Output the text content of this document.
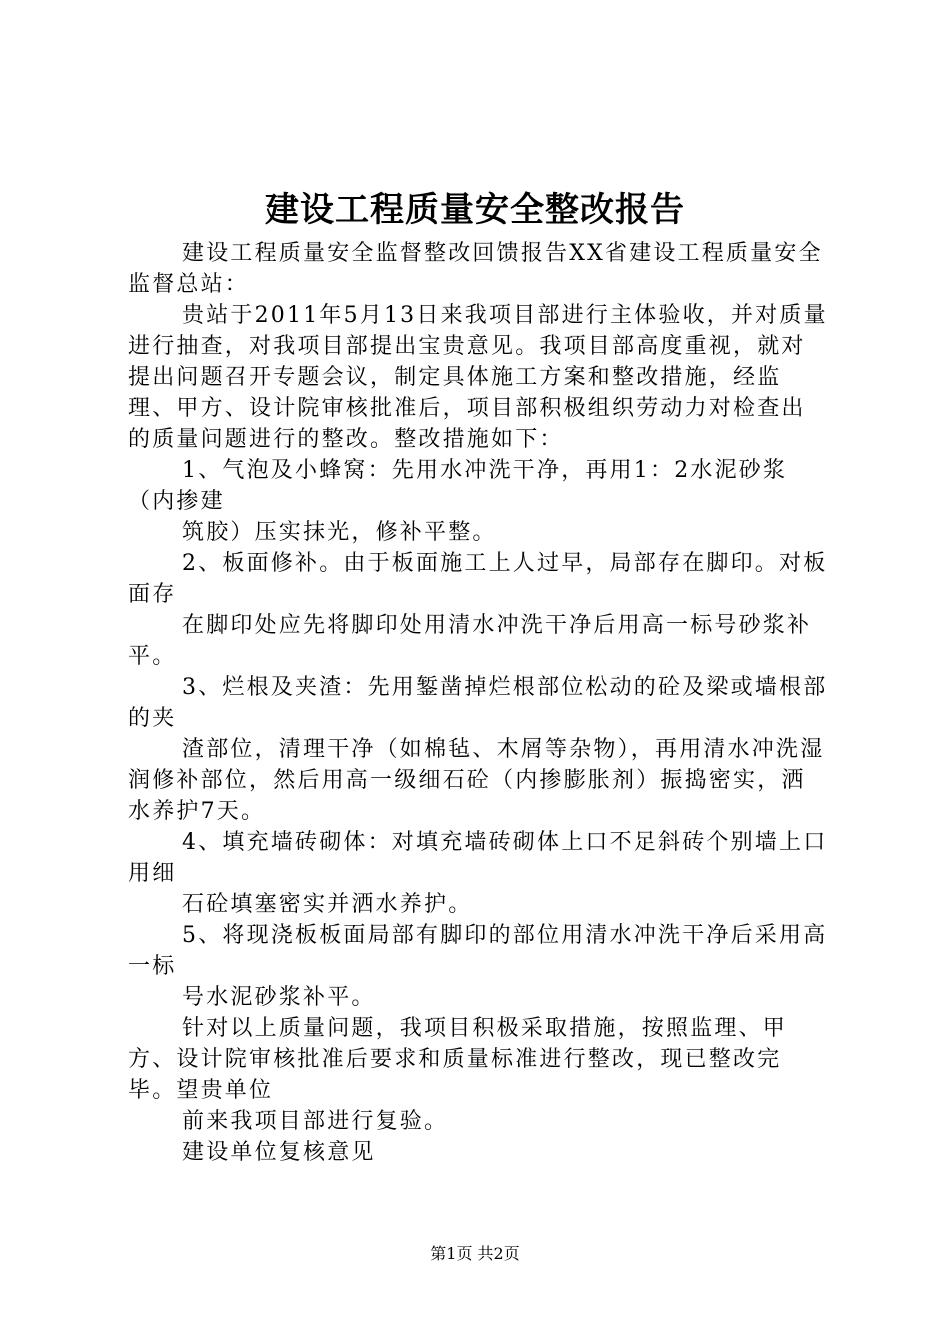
建设工程质量安全整改报告

建设工程质量安全监督整改回馈报告XX省建设工程质量安全监督总站：

贵站于2011年5月13日来我项目部进行主体验收，并对质量进行抽查，对我项目部提出宝贵意见。我项目部高度重视，就对提出问题召开专题会议，制定具体施工方案和整改措施，经监理、甲方、设计院审核批准后，项目部积极组织劳动力对检查出的质量问题进行的整改。整改措施如下：

1、气泡及小蜂窝：先用水冲洗干净，再用1：2水泥砂浆（内掺建

筑胶）压实抹光，修补平整。

2、板面修补。由于板面施工上人过早，局部存在脚印。对板面存

在脚印处应先将脚印处用清水冲洗干净后用高一标号砂浆补平。

3、烂根及夹渣：先用錾凿掉烂根部位松动的砼及梁或墙根部的夹

渣部位，清理干净（如棉毡、木屑等杂物），再用清水冲洗湿润修补部位，然后用高一级细石砼（内掺膨胀剂）振捣密实，洒水养护7天。

4、填充墙砖砌体：对填充墙砖砌体上口不足斜砖个别墙上口用细

石砼填塞密实并洒水养护。

5、将现浇板板面局部有脚印的部位用清水冲洗干净后采用高一标

号水泥砂浆补平。

针对以上质量问题，我项目积极采取措施，按照监理、甲方、设计院审核批准后要求和质量标准进行整改，现已整改完毕。望贵单位

前来我项目部进行复验。

建设单位复核意见

第1页 共2页
